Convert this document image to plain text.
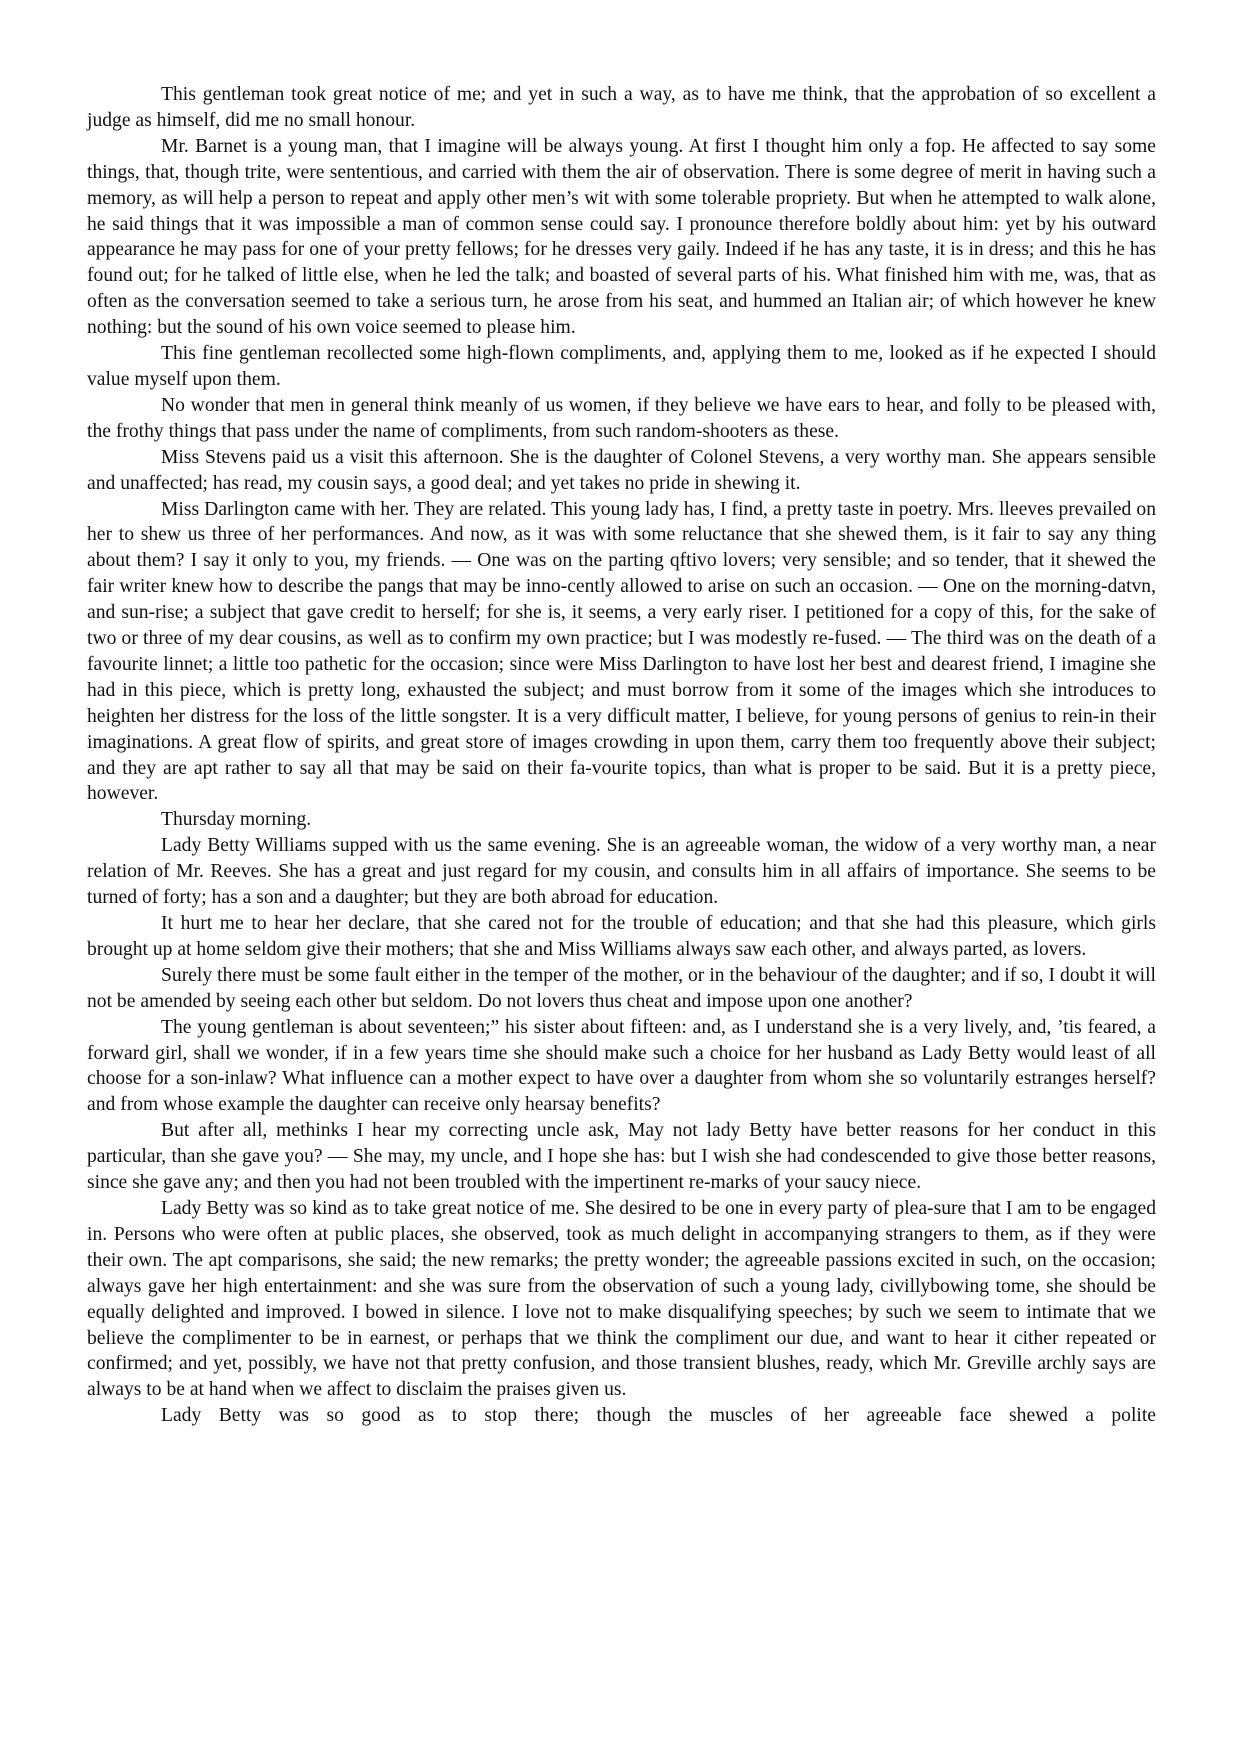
This gentleman took great notice of me; and yet in such a way, as to have me think, that the approbation of so excellent a judge as himself, did me no small honour.

Mr. Barnet is a young man, that I imagine will be always young. At first I thought him only a fop. He affected to say some things, that, though trite, were sententious, and carried with them the air of observation. There is some degree of merit in having such a memory, as will help a person to repeat and apply other men’s wit with some tolerable propriety. But when he attempted to walk alone, he said things that it was impossible a man of common sense could say. I pronounce therefore boldly about him: yet by his outward appearance he may pass for one of your pretty fellows; for he dresses very gaily. Indeed if he has any taste, it is in dress; and this he has found out; for he talked of little else, when he led the talk; and boasted of several parts of his. What finished him with me, was, that as often as the conversation seemed to take a serious turn, he arose from his seat, and hummed an Italian air; of which however he knew nothing: but the sound of his own voice seemed to please him.

This fine gentleman recollected some high-flown compliments, and, applying them to me, looked as if he expected I should value myself upon them.

No wonder that men in general think meanly of us women, if they believe we have ears to hear, and folly to be pleased with, the frothy things that pass under the name of compliments, from such random-shooters as these.

Miss Stevens paid us a visit this afternoon. She is the daughter of Colonel Stevens, a very worthy man. She appears sensible and unaffected; has read, my cousin says, a good deal; and yet takes no pride in shewing it.

Miss Darlington came with her. They are related. This young lady has, I find, a pretty taste in poetry. Mrs. lleeves prevailed on her to shew us three of her performances. And now, as it was with some reluctance that she shewed them, is it fair to say any thing about them? I say it only to you, my friends. — One was on the parting qftivo lovers; very sensible; and so tender, that it shewed the fair writer knew how to describe the pangs that may be inno-cently allowed to arise on such an occasion. — One on the morning-datvn, and sun-rise; a subject that gave credit to herself; for she is, it seems, a very early riser. I petitioned for a copy of this, for the sake of two or three of my dear cousins, as well as to confirm my own practice; but I was modestly re-fused. — The third was on the death of a favourite linnet; a little too pathetic for the occasion; since were Miss Darlington to have lost her best and dearest friend, I imagine she had in this piece, which is pretty long, exhausted the subject; and must borrow from it some of the images which she introduces to heighten her distress for the loss of the little songster. It is a very difficult matter, I believe, for young persons of genius to rein-in their imaginations. A great flow of spirits, and great store of images crowding in upon them, carry them too frequently above their subject; and they are apt rather to say all that may be said on their fa-vourite topics, than what is proper to be said. But it is a pretty piece, however.

Thursday morning.

Lady Betty Williams supped with us the same evening. She is an agreeable woman, the widow of a very worthy man, a near relation of Mr. Reeves. She has a great and just regard for my cousin, and consults him in all affairs of importance. She seems to be turned of forty; has a son and a daughter; but they are both abroad for education.

It hurt me to hear her declare, that she cared not for the trouble of education; and that she had this pleasure, which girls brought up at home seldom give their mothers; that she and Miss Williams always saw each other, and always parted, as lovers.

Surely there must be some fault either in the temper of the mother, or in the behaviour of the daughter; and if so, I doubt it will not be amended by seeing each other but seldom. Do not lovers thus cheat and impose upon one another?

The young gentleman is about seventeen;” his sister about fifteen: and, as I understand she is a very lively, and, ’tis feared, a forward girl, shall we wonder, if in a few years time she should make such a choice for her husband as Lady Betty would least of all choose for a son-inlaw? What influence can a mother expect to have over a daughter from whom she so voluntarily estranges herself? and from whose example the daughter can receive only hearsay benefits?

But after all, methinks I hear my correcting uncle ask, May not lady Betty have better reasons for her conduct in this particular, than she gave you? — She may, my uncle, and I hope she has: but I wish she had condescended to give those better reasons, since she gave any; and then you had not been troubled with the impertinent re-marks of your saucy niece.

Lady Betty was so kind as to take great notice of me. She desired to be one in every party of plea-sure that I am to be engaged in. Persons who were often at public places, she observed, took as much delight in accompanying strangers to them, as if they were their own. The apt comparisons, she said; the new remarks; the pretty wonder; the agreeable passions excited in such, on the occasion; always gave her high entertainment: and she was sure from the observation of such a young lady, civillybowing tome, she should be equally delighted and improved. I bowed in silence. I love not to make disqualifying speeches; by such we seem to intimate that we believe the complimenter to be in earnest, or perhaps that we think the compliment our due, and want to hear it cither repeated or confirmed; and yet, possibly, we have not that pretty confusion, and those transient blushes, ready, which Mr. Greville archly says are always to be at hand when we affect to disclaim the praises given us.

Lady Betty was so good as to stop there; though the muscles of her agreeable face shewed a polite
